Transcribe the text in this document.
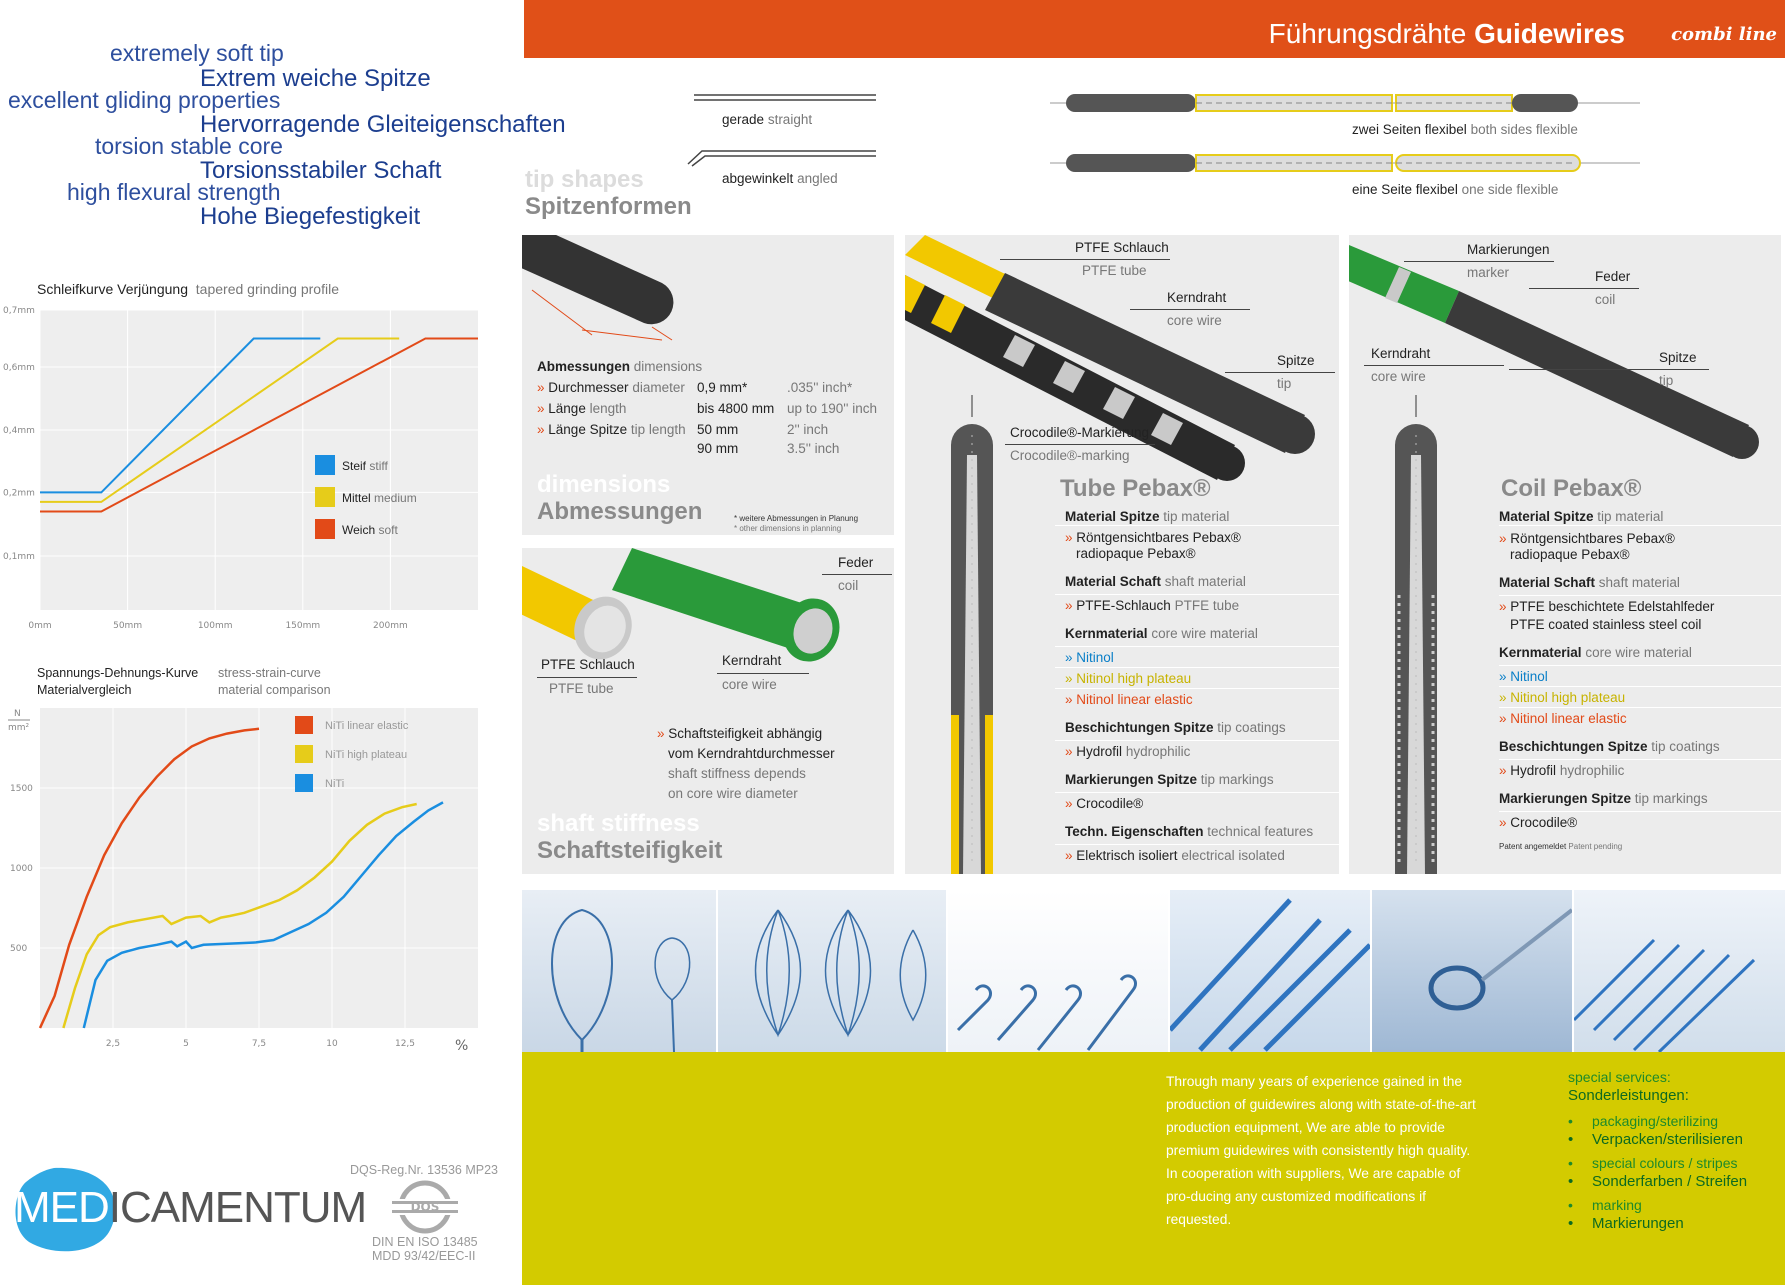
Führungsdrähte Guidewires	combi line
extremely soft tip
Extrem weiche Spitze
excellent gliding properties
Hervorragende Gleiteigenschaften
torsion stable core
Torsionsstabiler Schaft
high flexural strength
Hohe Biegefestigkeit
Schleifkurve Verjüngung tapered grinding profile
0,1mm
0,2mm
0,4mm
0,6mm
0,7mm
0mm	50mm	100mm	150mm	200mm
Steif stiff
Mittel medium
Weich soft
Spannungs-Dehnungs-Kurve
Materialvergleich
stress-strain-curve
material comparison
500
1000
1500
2,5	5	7,5	10	12,5
N
mm²
%
NiTi linear elastic
NiTi high plateau
NiTi
MEDICAMENTUM
DQS-Reg.Nr. 13536 MP23
DQS
DIN EN ISO 13485
MDD 93/42/EEC-II
gerade straight
abgewinkelt angled
tip shapes
Spitzenformen
zwei Seiten flexibel both sides flexible
eine Seite flexibel one side flexible
Abmessungen dimensions
» Durchmesser diameter 0,9 mm*	.035'' inch*
» Länge length	bis 4800 mm up to 190'' inch
» Länge Spitze tip length 50 mm	2'' inch
90 mm	3.5'' inch
dimensions
Abmessungen	* weitere Abmessungen in Planung
* other dimensions in planning
Feder
coil
PTFE Schlauch
PTFE tube
Kerndraht
core wire
» Schaftsteifigkeit abhängig
vom Kerndrahtdurchmesser
shaft stiffness depends
on core wire diameter
shaft stiffness
Schaftsteifigkeit
PTFE Schlauch
PTFE tube
Kerndraht
core wire
Spitze
tip
Crocodile®-Markierung
Crocodile®-marking
Tube Pebax®
Material Spitze tip material
» Röntgensichtbares Pebax®
radiopaque Pebax®
Material Schaft shaft material
» PTFE-Schlauch PTFE tube
Kernmaterial core wire material
» Nitinol
» Nitinol high plateau
» Nitinol linear elastic
Beschichtungen Spitze tip coatings
» Hydrofil hydrophilic
Markierungen Spitze tip markings
» Crocodile®
Techn. Eigenschaften technical features
» Elektrisch isoliert electrical isolated
Markierungen
marker	Feder
coil
Kerndraht
core wire
Spitze
tip
Coil Pebax®
Material Spitze tip material
» Röntgensichtbares Pebax®
radiopaque Pebax®
Material Schaft shaft material
» PTFE beschichtete Edelstahlfeder
PTFE coated stainless steel coil
Kernmaterial core wire material
» Nitinol
» Nitinol high plateau
» Nitinol linear elastic
Beschichtungen Spitze tip coatings
» Hydrofil hydrophilic
Markierungen Spitze tip markings
» Crocodile®
Patent angemeldet Patent pending
Through many years of experience gained in the
production of guidewires along with state-of-the-art
production equipment, We are able to provide
premium guidewires with consistently high quality.
In cooperation with suppliers, We are capable of
pro-ducing any customized modifications if
requested.
special services:
Sonderleistungen:
• packaging/sterilizing
• Verpacken/sterilisieren
• special colours / stripes
• Sonderfarben / Streifen
• marking
• Markierungen
